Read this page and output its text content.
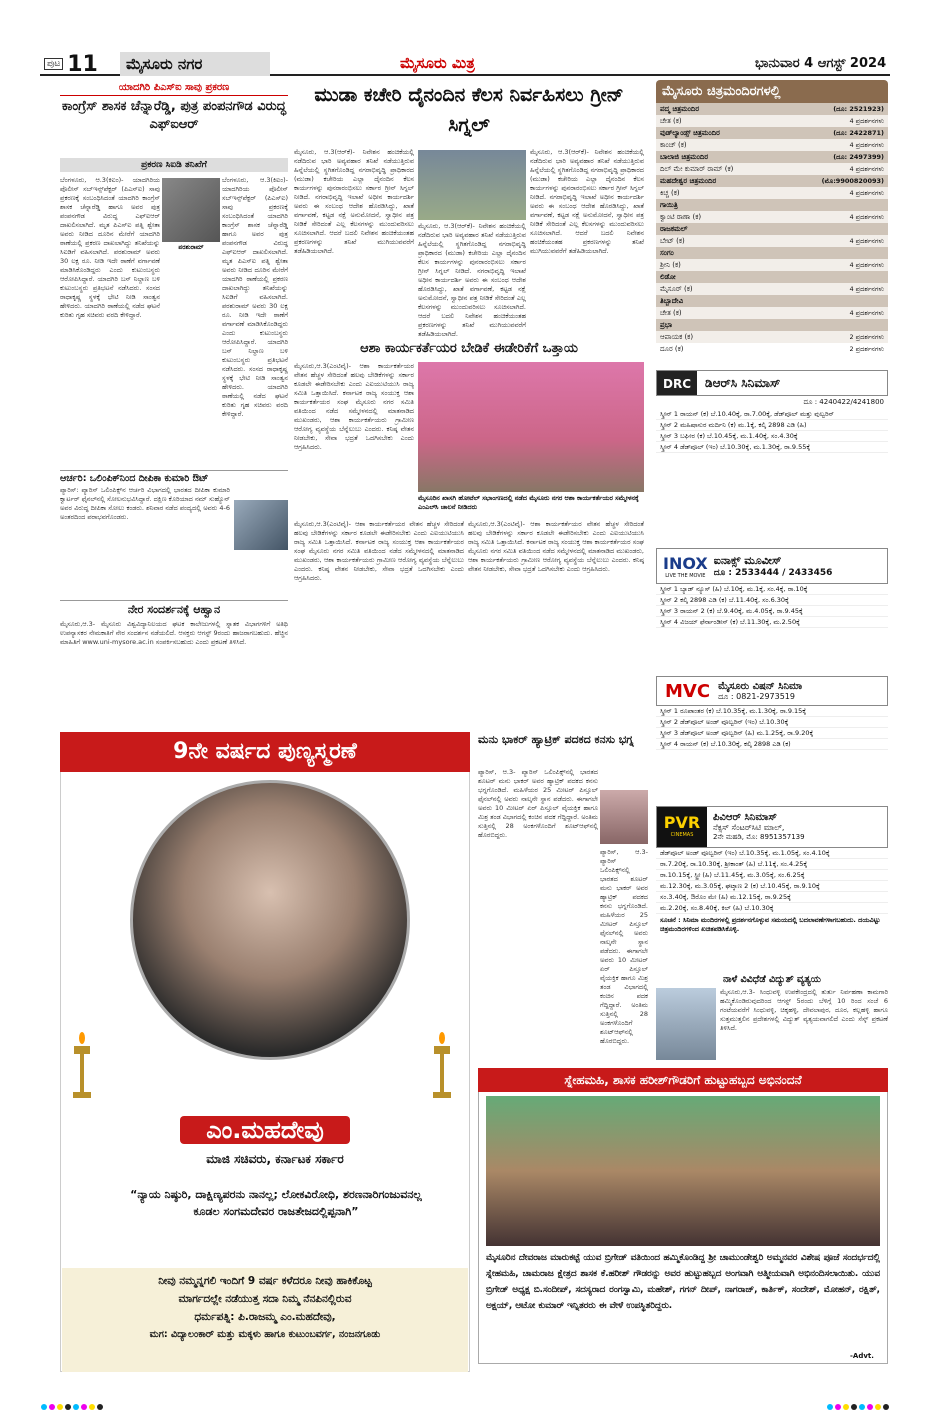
ಪುಟ 11	ಮೈಸೂರು ನಗರ	ಮೈಸೂರು ಮಿತ್ರ	ಭಾನುವಾರ 4 ಆಗಸ್ಟ್ 2024
ಯಾದಗಿರಿ ಪಿಎಸ್‍ಐ ಸಾವು ಪ್ರಕರಣ
ಕಾಂಗ್ರೆಸ್ ಶಾಸಕ ಚೆನ್ನಾರೆಡ್ಡಿ, ಪುತ್ರ ಪಂಪನಗೌಡ ವಿರುದ್ಧ ಎಫ್‍ಐಆರ್
ಪ್ರಕರಣ ಸಿಐಡಿ ತನಿಖೆಗೆ
ಬೆಂಗಳೂರು, ಆ.3(ಕಿಐಂ)- ಯಾದಗಿರಿಯ ಪೊಲೀಸ್ ಸಬ್‍ಇನ್ಸ್‌ಪೆಕ್ಟರ್ (ಪಿಎಸ್‍ಐ) ಸಾವು ಪ್ರಕರಣಕ್ಕೆ ಸಂಬಂಧಿಸಿದಂತೆ ಯಾದಗಿರಿ ಕಾಂಗ್ರೆಸ್ ಶಾಸಕ ಚೆನ್ನಾರೆಡ್ಡಿ ಹಾಗೂ ಅವರ ಪುತ್ರ ಪಂಪನಗೌಡ ವಿರುದ್ಧ ಎಫ್‍ಐಆರ್ ದಾಖಲಿಸಲಾಗಿದೆ. ಮೃತ ಪಿಎಸ್‍ಐ ಪತ್ನಿ ಶ್ವೇತಾ ಅವರು ನೀಡಿದ ದೂರಿನ ಮೇರೆಗೆ ಯಾದಗಿರಿ ಠಾಣೆಯಲ್ಲಿ ಪ್ರಕರಣ ದಾಖಲಾಗಿದ್ದು ತನಿಖೆಯನ್ನು ಸಿಐಡಿಗೆ ವಹಿಸಲಾಗಿದೆ. ಪರಶುರಾಮ್ ಅವರು 30 ಲಕ್ಷ ರೂ. ನೀಡಿ ಇದೇ ಠಾಣೆಗೆ ವರ್ಗಾವಣೆ ಮಾಡಿಸಿಕೊಂಡಿದ್ದರು ಎಂದು ಕುಟುಂಬಸ್ಥರು ಆರೋಪಿಸಿದ್ದಾರೆ. ಯಾದಗಿರಿ ಬಸ್ ನಿಲ್ದಾಣ ಬಳಿ ಕುಟುಂಬಸ್ಥರು ಪ್ರತಿಭಟನೆ ನಡೆಸಿದರು. ಸಂಸದ ರಾಧಾಕೃಷ್ಣ ಸ್ಥಳಕ್ಕೆ ಭೇಟಿ ನೀಡಿ ಸಾಂತ್ವನ ಹೇಳಿದರು. ಯಾದಗಿರಿ ಠಾಣೆಯಲ್ಲಿ ನಡೆದ ಘಟನೆ ಕುರಿತು ಗೃಹ ಸಚಿವರು ವರದಿ ಕೇಳಿದ್ದಾರೆ.
ಪರಶುರಾಮ್
ಬೆಂಗಳೂರು, ಆ.3(ಕಿಐಂ)- ಯಾದಗಿರಿಯ ಪೊಲೀಸ್ ಸಬ್‍ಇನ್ಸ್‌ಪೆಕ್ಟರ್ (ಪಿಎಸ್‍ಐ) ಸಾವು ಪ್ರಕರಣಕ್ಕೆ ಸಂಬಂಧಿಸಿದಂತೆ ಯಾದಗಿರಿ ಕಾಂಗ್ರೆಸ್ ಶಾಸಕ ಚೆನ್ನಾರೆಡ್ಡಿ ಹಾಗೂ ಅವರ ಪುತ್ರ ಪಂಪನಗೌಡ ವಿರುದ್ಧ ಎಫ್‍ಐಆರ್ ದಾಖಲಿಸಲಾಗಿದೆ. ಮೃತ ಪಿಎಸ್‍ಐ ಪತ್ನಿ ಶ್ವೇತಾ ಅವರು ನೀಡಿದ ದೂರಿನ ಮೇರೆಗೆ ಯಾದಗಿರಿ ಠಾಣೆಯಲ್ಲಿ ಪ್ರಕರಣ ದಾಖಲಾಗಿದ್ದು ತನಿಖೆಯನ್ನು ಸಿಐಡಿಗೆ ವಹಿಸಲಾಗಿದೆ. ಪರಶುರಾಮ್ ಅವರು 30 ಲಕ್ಷ ರೂ. ನೀಡಿ ಇದೇ ಠಾಣೆಗೆ ವರ್ಗಾವಣೆ ಮಾಡಿಸಿಕೊಂಡಿದ್ದರು ಎಂದು ಕುಟುಂಬಸ್ಥರು ಆರೋಪಿಸಿದ್ದಾರೆ. ಯಾದಗಿರಿ ಬಸ್ ನಿಲ್ದಾಣ ಬಳಿ ಕುಟುಂಬಸ್ಥರು ಪ್ರತಿಭಟನೆ ನಡೆಸಿದರು. ಸಂಸದ ರಾಧಾಕೃಷ್ಣ ಸ್ಥಳಕ್ಕೆ ಭೇಟಿ ನೀಡಿ ಸಾಂತ್ವನ ಹೇಳಿದರು. ಯಾದಗಿರಿ ಠಾಣೆಯಲ್ಲಿ ನಡೆದ ಘಟನೆ ಕುರಿತು ಗೃಹ ಸಚಿವರು ವರದಿ ಕೇಳಿದ್ದಾರೆ.
ಆರ್ಚರಿ: ಒಲಿಂಪಿಕ್‍ನಿಂದ ದೀಪಿಕಾ ಕುಮಾರಿ ಔಟ್
ಪ್ಯಾರಿಸ್: ಪ್ಯಾರಿಸ್ ಒಲಿಂಪಿಕ್ಸ್‌ನ ಆರ್ಚರಿ ವಿಭಾಗದಲ್ಲಿ ಭಾರತದ ದೀಪಿಕಾ ಕುಮಾರಿ ಕ್ವಾರ್ಟರ್ ಫೈನಲ್‍ನಲ್ಲಿ ಸೋಲನುಭವಿಸಿದ್ದಾರೆ. ದಕ್ಷಿಣ ಕೊರಿಯಾದ ನಮ್ ಸುಹ್ಯೊನ್ ಅವರ ವಿರುದ್ಧ ದೀಪಿಕಾ ಸೋಲು ಕಂಡರು. ಶನಿವಾರ ನಡೆದ ಪಂದ್ಯದಲ್ಲಿ ಅವರು 4-6 ಅಂತರದಿಂದ ಪರಾಭವಗೊಂಡರು.
ನೇರ ಸಂದರ್ಶನಕ್ಕೆ ಆಹ್ವಾನ
ಮೈಸೂರು,ಆ.3- ಮೈಸೂರು ವಿಶ್ವವಿದ್ಯಾನಿಲಯದ ಘಟಕ ಕಾಲೇಜುಗಳಲ್ಲಿ ಸ್ನಾತಕ ವಿಭಾಗಗಳಿಗೆ ಅತಿಥಿ ಉಪನ್ಯಾಸಕರ ನೇಮಕಾತಿಗೆ ನೇರ ಸಂದರ್ಶನ ನಡೆಯಲಿದೆ. ಆಸಕ್ತರು ಆಗಸ್ಟ್ 9ರಂದು ಹಾಜರಾಗಬಹುದು. ಹೆಚ್ಚಿನ ಮಾಹಿತಿಗೆ www.uni-mysore.ac.in ಸಂಪರ್ಕಿಸಬಹುದು ಎಂದು ಪ್ರಕಟಣೆ ತಿಳಿಸಿದೆ.
ಮುಡಾ ಕಚೇರಿ ದೈನಂದಿನ ಕೆಲಸ ನಿರ್ವಹಿಸಲು ಗ್ರೀನ್ ಸಿಗ್ನಲ್
ಮೈಸೂರು, ಆ.3(ಆರ್‌ಕೆ)- ನಿವೇಶನ ಹಂಚಿಕೆಯಲ್ಲಿ ನಡೆದಿರುವ ಭಾರಿ ಅವ್ಯವಹಾರ ತನಿಖೆ ನಡೆಯುತ್ತಿರುವ ಹಿನ್ನೆಲೆಯಲ್ಲಿ ಸ್ಥಗಿತಗೊಂಡಿದ್ದ ನಗರಾಭಿವೃದ್ಧಿ ಪ್ರಾಧಿಕಾರದ (ಮುಡಾ) ಕಚೇರಿಯ ಎಲ್ಲಾ ದೈನಂದಿನ ಕೆಲಸ ಕಾರ್ಯಗಳನ್ನು ಪುನರಾರಂಭಿಸಲು ಸರ್ಕಾರ ಗ್ರೀನ್ ಸಿಗ್ನಲ್ ನೀಡಿದೆ. ನಗರಾಭಿವೃದ್ಧಿ ಇಲಾಖೆ ಅಧೀನ ಕಾರ್ಯದರ್ಶಿ ಅವರು ಈ ಸಂಬಂಧ ಆದೇಶ ಹೊರಡಿಸಿದ್ದು, ಖಾತೆ ವರ್ಗಾವಣೆ, ಕಟ್ಟಡ ನಕ್ಷೆ ಅನುಮೋದನೆ, ಸ್ವಾಧೀನ ಪತ್ರ ನೀಡಿಕೆ ಸೇರಿದಂತೆ ಎಲ್ಲ ಕೆಲಸಗಳನ್ನು ಮುಂದುವರಿಸಲು ಸೂಚಿಸಲಾಗಿದೆ. ಆದರೆ ಬದಲಿ ನಿವೇಶನ ಹಂಚಿಕೆಯಂತಹ ಪ್ರಕರಣಗಳನ್ನು ತನಿಖೆ ಮುಗಿಯುವವರೆಗೆ ತಡೆಹಿಡಿಯಲಾಗಿದೆ.
ಮೈಸೂರು, ಆ.3(ಆರ್‌ಕೆ)- ನಿವೇಶನ ಹಂಚಿಕೆಯಲ್ಲಿ ನಡೆದಿರುವ ಭಾರಿ ಅವ್ಯವಹಾರ ತನಿಖೆ ನಡೆಯುತ್ತಿರುವ ಹಿನ್ನೆಲೆಯಲ್ಲಿ ಸ್ಥಗಿತಗೊಂಡಿದ್ದ ನಗರಾಭಿವೃದ್ಧಿ ಪ್ರಾಧಿಕಾರದ (ಮುಡಾ) ಕಚೇರಿಯ ಎಲ್ಲಾ ದೈನಂದಿನ ಕೆಲಸ ಕಾರ್ಯಗಳನ್ನು ಪುನರಾರಂಭಿಸಲು ಸರ್ಕಾರ ಗ್ರೀನ್ ಸಿಗ್ನಲ್ ನೀಡಿದೆ. ನಗರಾಭಿವೃದ್ಧಿ ಇಲಾಖೆ ಅಧೀನ ಕಾರ್ಯದರ್ಶಿ ಅವರು ಈ ಸಂಬಂಧ ಆದೇಶ ಹೊರಡಿಸಿದ್ದು, ಖಾತೆ ವರ್ಗಾವಣೆ, ಕಟ್ಟಡ ನಕ್ಷೆ ಅನುಮೋದನೆ, ಸ್ವಾಧೀನ ಪತ್ರ ನೀಡಿಕೆ ಸೇರಿದಂತೆ ಎಲ್ಲ ಕೆಲಸಗಳನ್ನು ಮುಂದುವರಿಸಲು ಸೂಚಿಸಲಾಗಿದೆ. ಆದರೆ ಬದಲಿ ನಿವೇಶನ ಹಂಚಿಕೆಯಂತಹ ಪ್ರಕರಣಗಳನ್ನು ತನಿಖೆ ಮುಗಿಯುವವರೆಗೆ ತಡೆಹಿಡಿಯಲಾಗಿದೆ.
ಮೈಸೂರು, ಆ.3(ಆರ್‌ಕೆ)- ನಿವೇಶನ ಹಂಚಿಕೆಯಲ್ಲಿ ನಡೆದಿರುವ ಭಾರಿ ಅವ್ಯವಹಾರ ತನಿಖೆ ನಡೆಯುತ್ತಿರುವ ಹಿನ್ನೆಲೆಯಲ್ಲಿ ಸ್ಥಗಿತಗೊಂಡಿದ್ದ ನಗರಾಭಿವೃದ್ಧಿ ಪ್ರಾಧಿಕಾರದ (ಮುಡಾ) ಕಚೇರಿಯ ಎಲ್ಲಾ ದೈನಂದಿನ ಕೆಲಸ ಕಾರ್ಯಗಳನ್ನು ಪುನರಾರಂಭಿಸಲು ಸರ್ಕಾರ ಗ್ರೀನ್ ಸಿಗ್ನಲ್ ನೀಡಿದೆ. ನಗರಾಭಿವೃದ್ಧಿ ಇಲಾಖೆ ಅಧೀನ ಕಾರ್ಯದರ್ಶಿ ಅವರು ಈ ಸಂಬಂಧ ಆದೇಶ ಹೊರಡಿಸಿದ್ದು, ಖಾತೆ ವರ್ಗಾವಣೆ, ಕಟ್ಟಡ ನಕ್ಷೆ ಅನುಮೋದನೆ, ಸ್ವಾಧೀನ ಪತ್ರ ನೀಡಿಕೆ ಸೇರಿದಂತೆ ಎಲ್ಲ ಕೆಲಸಗಳನ್ನು ಮುಂದುವರಿಸಲು ಸೂಚಿಸಲಾಗಿದೆ. ಆದರೆ ಬದಲಿ ನಿವೇಶನ ಹಂಚಿಕೆಯಂತಹ ಪ್ರಕರಣಗಳನ್ನು ತನಿಖೆ ಮುಗಿಯುವವರೆಗೆ ತಡೆಹಿಡಿಯಲಾಗಿದೆ.
ಆಶಾ ಕಾರ್ಯಕರ್ತೆಯರ ಬೇಡಿಕೆ ಈಡೇರಿಕೆಗೆ ಒತ್ತಾಯ
ಮೈಸೂರು,ಆ.3(ಎಂಟಿವೈ)- ಆಶಾ ಕಾರ್ಯಕರ್ತೆಯರ ವೇತನ ಹೆಚ್ಚಳ ಸೇರಿದಂತೆ ಹಲವು ಬೇಡಿಕೆಗಳನ್ನು ಸರ್ಕಾರ ಕೂಡಲೇ ಈಡೇರಿಸಬೇಕು ಎಂದು ಎಐಯುಟಿಯುಸಿ ರಾಜ್ಯ ಸಮಿತಿ ಒತ್ತಾಯಿಸಿದೆ. ಕರ್ನಾಟಕ ರಾಜ್ಯ ಸಂಯುಕ್ತ ಆಶಾ ಕಾರ್ಯಕರ್ತೆಯರ ಸಂಘ ಮೈಸೂರು ನಗರ ಸಮಿತಿ ವತಿಯಿಂದ ನಡೆದ ಸಮ್ಮೇಳನದಲ್ಲಿ ಮಾತನಾಡಿದ ಮುಖಂಡರು, ಆಶಾ ಕಾರ್ಯಕರ್ತೆಯರು ಗ್ರಾಮೀಣ ಆರೋಗ್ಯ ವ್ಯವಸ್ಥೆಯ ಬೆನ್ನೆಲುಬು ಎಂದರು. ಕನಿಷ್ಠ ವೇತನ ನೀಡಬೇಕು, ಸೇವಾ ಭದ್ರತೆ ಒದಗಿಸಬೇಕು ಎಂದು ಆಗ್ರಹಿಸಿದರು.
ಮೈಸೂರಿನ ಖಾಸಗಿ ಹೋಟೆಲ್ ಸಭಾಂಗಣದಲ್ಲಿ ನಡೆದ ಮೈಸೂರು ನಗರ ಆಶಾ ಕಾರ್ಯಕರ್ತೆಯರ ಸಮ್ಮೇಳನಕ್ಕೆ ಎಂಎಲ್‍ಸಿ ಚಾಲನೆ ನೀಡಿದರು
ಮೈಸೂರು,ಆ.3(ಎಂಟಿವೈ)- ಆಶಾ ಕಾರ್ಯಕರ್ತೆಯರ ವೇತನ ಹೆಚ್ಚಳ ಸೇರಿದಂತೆ ಹಲವು ಬೇಡಿಕೆಗಳನ್ನು ಸರ್ಕಾರ ಕೂಡಲೇ ಈಡೇರಿಸಬೇಕು ಎಂದು ಎಐಯುಟಿಯುಸಿ ರಾಜ್ಯ ಸಮಿತಿ ಒತ್ತಾಯಿಸಿದೆ. ಕರ್ನಾಟಕ ರಾಜ್ಯ ಸಂಯುಕ್ತ ಆಶಾ ಕಾರ್ಯಕರ್ತೆಯರ ಸಂಘ ಮೈಸೂರು ನಗರ ಸಮಿತಿ ವತಿಯಿಂದ ನಡೆದ ಸಮ್ಮೇಳನದಲ್ಲಿ ಮಾತನಾಡಿದ ಮುಖಂಡರು, ಆಶಾ ಕಾರ್ಯಕರ್ತೆಯರು ಗ್ರಾಮೀಣ ಆರೋಗ್ಯ ವ್ಯವಸ್ಥೆಯ ಬೆನ್ನೆಲುಬು ಎಂದರು. ಕನಿಷ್ಠ ವೇತನ ನೀಡಬೇಕು, ಸೇವಾ ಭದ್ರತೆ ಒದಗಿಸಬೇಕು ಎಂದು ಆಗ್ರಹಿಸಿದರು.
ಮೈಸೂರು,ಆ.3(ಎಂಟಿವೈ)- ಆಶಾ ಕಾರ್ಯಕರ್ತೆಯರ ವೇತನ ಹೆಚ್ಚಳ ಸೇರಿದಂತೆ ಹಲವು ಬೇಡಿಕೆಗಳನ್ನು ಸರ್ಕಾರ ಕೂಡಲೇ ಈಡೇರಿಸಬೇಕು ಎಂದು ಎಐಯುಟಿಯುಸಿ ರಾಜ್ಯ ಸಮಿತಿ ಒತ್ತಾಯಿಸಿದೆ. ಕರ್ನಾಟಕ ರಾಜ್ಯ ಸಂಯುಕ್ತ ಆಶಾ ಕಾರ್ಯಕರ್ತೆಯರ ಸಂಘ ಮೈಸೂರು ನಗರ ಸಮಿತಿ ವತಿಯಿಂದ ನಡೆದ ಸಮ್ಮೇಳನದಲ್ಲಿ ಮಾತನಾಡಿದ ಮುಖಂಡರು, ಆಶಾ ಕಾರ್ಯಕರ್ತೆಯರು ಗ್ರಾಮೀಣ ಆರೋಗ್ಯ ವ್ಯವಸ್ಥೆಯ ಬೆನ್ನೆಲುಬು ಎಂದರು. ಕನಿಷ್ಠ ವೇತನ ನೀಡಬೇಕು, ಸೇವಾ ಭದ್ರತೆ ಒದಗಿಸಬೇಕು ಎಂದು ಆಗ್ರಹಿಸಿದರು.
ಮನು ಭಾಕರ್ ಹ್ಯಾಟ್ರಿಕ್ ಪದಕದ ಕನಸು ಭಗ್ನ
ಪ್ಯಾರಿಸ್, ಆ.3- ಪ್ಯಾರಿಸ್ ಒಲಿಂಪಿಕ್ಸ್‌ನಲ್ಲಿ ಭಾರತದ ಶೂಟರ್ ಮನು ಭಾಕರ್ ಅವರ ಹ್ಯಾಟ್ರಿಕ್ ಪದಕದ ಕನಸು ಭಗ್ನಗೊಂಡಿದೆ. ಮಹಿಳೆಯರ 25 ಮೀಟರ್ ಪಿಸ್ತೂಲ್ ಫೈನಲ್‍ನಲ್ಲಿ ಅವರು ನಾಲ್ಕನೇ ಸ್ಥಾನ ಪಡೆದರು. ಈಗಾಗಲೇ ಅವರು 10 ಮೀಟರ್ ಏರ್ ಪಿಸ್ತೂಲ್ ವೈಯಕ್ತಿಕ ಹಾಗೂ ಮಿಶ್ರ ತಂಡ ವಿಭಾಗದಲ್ಲಿ ಕಂಚಿನ ಪದಕ ಗೆದ್ದಿದ್ದಾರೆ. ಅಂತಿಮ ಸುತ್ತಿನಲ್ಲಿ 28 ಅಂಕಗಳೊಂದಿಗೆ ಶೂಟ್‍ಆಫ್‍ನಲ್ಲಿ ಹೊರಬಿದ್ದರು.
ಪ್ಯಾರಿಸ್, ಆ.3- ಪ್ಯಾರಿಸ್ ಒಲಿಂಪಿಕ್ಸ್‌ನಲ್ಲಿ ಭಾರತದ ಶೂಟರ್ ಮನು ಭಾಕರ್ ಅವರ ಹ್ಯಾಟ್ರಿಕ್ ಪದಕದ ಕನಸು ಭಗ್ನಗೊಂಡಿದೆ. ಮಹಿಳೆಯರ 25 ಮೀಟರ್ ಪಿಸ್ತೂಲ್ ಫೈನಲ್‍ನಲ್ಲಿ ಅವರು ನಾಲ್ಕನೇ ಸ್ಥಾನ ಪಡೆದರು. ಈಗಾಗಲೇ ಅವರು 10 ಮೀಟರ್ ಏರ್ ಪಿಸ್ತೂಲ್ ವೈಯಕ್ತಿಕ ಹಾಗೂ ಮಿಶ್ರ ತಂಡ ವಿಭಾಗದಲ್ಲಿ ಕಂಚಿನ ಪದಕ ಗೆದ್ದಿದ್ದಾರೆ. ಅಂತಿಮ ಸುತ್ತಿನಲ್ಲಿ 28 ಅಂಕಗಳೊಂದಿಗೆ ಶೂಟ್‍ಆಫ್‍ನಲ್ಲಿ ಹೊರಬಿದ್ದರು.
ಮೈಸೂರು ಚಿತ್ರಮಂದಿರಗಳಲ್ಲಿ
ಪದ್ಮ ಚಿತ್ರಮಂದಿರ	(ದೂ: 2521923)
ಚೇತ (ಕ)	4 ಪ್ರದರ್ಶನಗಳು
ವುಡ್‍ಲ್ಯಾಂಡ್ಸ್ ಚಿತ್ರಮಂದಿರ	(ದೂ: 2422871)
ಕಾಂಚ್ (ಕ)	4 ಪ್ರದರ್ಶನಗಳು
ಬಾಲಾಜಿ ಚಿತ್ರಮಂದಿರ	(ದೂ: 2497399)
ದಿಲ್ ಮೇ ಕುಮಾರ್ ರಾಮ್ (ಕ)	4 ಪ್ರದರ್ಶನಗಳು
ಮಹದೇಶ್ವರ ಚಿತ್ರಮಂದಿರ	(ಮೊ:9900820093)
ಕಿಚ್ಚ (ಕ)	4 ಪ್ರದರ್ಶನಗಳು
ಗಾಯಿತ್ರಿ
ಕ್ವಾಂಟಿ ರಾಣಾ (ಕ)	4 ಪ್ರದರ್ಶನಗಳು
ರಾಜಕಮಲ್
ಬೇಟ್ (ಕ)	4 ಪ್ರದರ್ಶನಗಳು
ಸಂಗಂ
ಶ್ರೀನಿ (ಕ)	4 ಪ್ರದರ್ಶನಗಳು
ಲಿಡೋ
ಮೈಸೂರ್ (ಕ)	4 ಪ್ರದರ್ಶನಗಳು
ತಿಬ್ಬಾದೇವಿ
ಚೇತ (ಕ)	4 ಪ್ರದರ್ಶನಗಳು
ಪ್ರಭಾ
ಆಪಾಯಕ (ಕ)	2 ಪ್ರದರ್ಶನಗಳು
ದೂರ (ಕ)	2 ಪ್ರದರ್ಶನಗಳು
DRC	ಡಿಆರ್‌ಸಿ ಸಿನಿಮಾಸ್
ದೂ : 4240422/4241800
ಸ್ಕ್ರೀನ್ 1 ರಾಯನ್ (ಕ) ಬೆ.10.40ಕ್ಕೆ, ರಾ.7.00ಕ್ಕೆ, ಡೆಡ್‍ಪೂಲ್ ಮತ್ತು ವುಲ್ವರಿನ್
ಸ್ಕ್ರೀನ್ 2 ಮಹಿಷಾಸುರ ಮರ್ದಿನಿ (ಕ) ಮ.1ಕ್ಕೆ, ಕಲ್ಕಿ 2898 ಎಡಿ (ಹಿ)
ಸ್ಕ್ರೀನ್ 3 ಬಘೀರ (ಕ) ಬೆ.10.45ಕ್ಕೆ, ಮ.1.40ಕ್ಕೆ, ಸಂ.4.30ಕ್ಕೆ
ಸ್ಕ್ರೀನ್ 4 ಡೆಡ್‍ಪೂಲ್ (ಇಂ) ಬೆ.10.30ಕ್ಕೆ, ಮ.1.30ಕ್ಕೆ, ರಾ.9.55ಕ್ಕೆ
INOX
LIVE THE MOVIE
ಐನಾಕ್ಸ್ ಮೂವೀಸ್
ದೂ : 2533444 / 2433456
ಸ್ಕ್ರೀನ್ 1 ಬ್ಯಾಡ್ ನ್ಯೂಸ್ (ಹಿ) ಬೆ.10ಕ್ಕೆ, ಮ.1ಕ್ಕೆ, ಸಂ.4ಕ್ಕೆ, ರಾ.10ಕ್ಕೆ
ಸ್ಕ್ರೀನ್ 2 ಕಲ್ಕಿ 2898 ಎಡಿ (ಕ) ಬೆ.11.40ಕ್ಕೆ, ಸಂ.6.30ಕ್ಕೆ
ಸ್ಕ್ರೀನ್ 3 ರಾಯನ್ 2 (ಕ) ಬೆ.9.40ಕ್ಕೆ, ಮ.4.05ಕ್ಕೆ, ರಾ.9.45ಕ್ಕೆ
ಸ್ಕ್ರೀನ್ 4 ವಿಜಯ್ ಫೆರ್ನಾಂಡೀಸ್ (ಕ) ಬೆ.11.30ಕ್ಕೆ, ಮ.2.50ಕ್ಕೆ
MVC ಮೈಸೂರು ವಿಷನ್ ಸಿನಿಮಾ
ದೂ : 0821-2973519
ಸ್ಕ್ರೀನ್ 1 ರೂಪಾಂತರ (ಕ) ಬೆ.10.35ಕ್ಕೆ, ಮ.1.30ಕ್ಕೆ, ರಾ.9.15ಕ್ಕೆ
ಸ್ಕ್ರೀನ್ 2 ಡೆಡ್‍ಪೂಲ್ ಅಂಡ್ ವೂಲ್ವರಿನ್ (ಇಂ) ಬೆ.10.30ಕ್ಕೆ
ಸ್ಕ್ರೀನ್ 3 ಡೆಡ್‍ಪೂಲ್ ಅಂಡ್ ವೂಲ್ವರಿನ್ (ಹಿ) ಮ.1.25ಕ್ಕೆ, ರಾ.9.20ಕ್ಕೆ
ಸ್ಕ್ರೀನ್ 4 ರಾಯನ್ (ಕ) ಬೆ.10.30ಕ್ಕೆ, ಕಲ್ಕಿ 2898 ಎಡಿ (ಕ)
PVR
CINEMAS
ಪಿವಿಆರ್ ಸಿನಿಮಾಸ್
ನೆಕ್ಸಸ್ ಸೆಂಟರ್‌ಸಿಟಿ ಮಾಲ್,
2ನೇ ಮಹಡಿ, ಮೊ: 8951357139
ಡೆಡ್‍ಪೂಲ್ ಅಂಡ್ ವೂಲ್ವರಿನ್ (ಇಂ) ಬೆ.10.35ಕ್ಕೆ, ಮ.1.05ಕ್ಕೆ, ಸಂ.4.10ಕ್ಕೆ
ರಾ.7.20ಕ್ಕೆ, ರಾ.10.30ಕ್ಕೆ, ಶ್ರೀಕಾಂತ್ (ಹಿ) ಬೆ.11ಕ್ಕೆ, ಸಂ.4.25ಕ್ಕೆ
ರಾ.10.15ಕ್ಕೆ, ಸ್ಟ್ರೀ (ಹಿ) ಬೆ.11.45ಕ್ಕೆ, ಮ.3.05ಕ್ಕೆ, ಸಂ.6.25ಕ್ಕೆ
ಮ.12.30ಕ್ಕೆ, ಮ.3.05ಕ್ಕೆ, ಘಟ್ಕಾಣ 2 (ಕ) ಬೆ.10.45ಕ್ಕೆ, ರಾ.9.10ಕ್ಕೆ
ಸಂ.3.40ಕ್ಕೆ, ಔರೊಂ ಮೇ (ಹಿ) ಮ.12.15ಕ್ಕೆ, ರಾ.9.25ಕ್ಕೆ
ಮ.2.20ಕ್ಕೆ, ಸಂ.8.40ಕ್ಕೆ, ಕಿಲ್ (ಹಿ) ಬೆ.10.30ಕ್ಕೆ
ಸೂಚನೆ : ಸಿನಿಮಾ ಮಂದಿರಗಳಲ್ಲಿ ಪ್ರದರ್ಶನಗೊಳ್ಳುವ ಸಮಯದಲ್ಲಿ ಬದಲಾವಣೆಗಳಾಗಬಹುದು. ದಯವಿಟ್ಟು ಚಿತ್ರಮಂದಿರಗಳಿಂದ ಖಚಿತಪಡಿಸಿಕೊಳ್ಳಿ.
ನಾಳೆ ವಿವಿಧೆಡೆ ವಿದ್ಯುತ್ ವ್ಯತ್ಯಯ
ಮೈಸೂರು,ಆ.3- ಸಿಂಧುವಳ್ಳಿ ಉಪಕೇಂದ್ರದಲ್ಲಿ ತುರ್ತು ನಿರ್ವಹಣಾ ಕಾಮಗಾರಿ ಹಮ್ಮಿಕೊಂಡಿರುವುದರಿಂದ ಆಗಸ್ಟ್ 5ರಂದು ಬೆಳಿಗ್ಗೆ 10 ರಿಂದ ಸಂಜೆ 6 ಗಂಟೆಯವರೆಗೆ ಸಿಂಧುವಳ್ಳಿ, ಚಿಕ್ಕಹಳ್ಳಿ, ದೇವಲಾಪುರ, ದೂರ, ಕಲ್ಲಹಳ್ಳಿ ಹಾಗೂ ಸುತ್ತಮುತ್ತಲಿನ ಪ್ರದೇಶಗಳಲ್ಲಿ ವಿದ್ಯುತ್ ವ್ಯತ್ಯಯವಾಗಲಿದೆ ಎಂದು ಸೆಸ್ಕ್ ಪ್ರಕಟಣೆ ತಿಳಿಸಿದೆ.
9ನೇ ವರ್ಷದ ಪುಣ್ಯಸ್ಮರಣೆ
ಎಂ.ಮಹದೇವು
ಮಾಜಿ ಸಚಿವರು, ಕರ್ನಾಟಕ ಸರ್ಕಾರ
“ನ್ಯಾಯ ನಿಷ್ಠುರಿ, ದಾಕ್ಷಿಣ್ಯಪರನು ನಾನಲ್ಲ; ಲೋಕವಿರೋಧಿ, ಶರಣನಾರಿಗಂಜುವನಲ್ಲ ಕೂಡಲ ಸಂಗಮದೇವರ ರಾಜತೇಜದಲ್ಲಿಪ್ಪನಾಗಿ”
ನೀವು ನಮ್ಮನ್ನಗಲಿ ಇಂದಿಗೆ 9 ವರ್ಷ ಕಳೆದರೂ ನೀವು ಹಾಕಿಕೊಟ್ಟ
ಮಾರ್ಗದಲ್ಲೇ ನಡೆಯುತ್ತ ಸದಾ ನಿಮ್ಮ ನೆನಪಿನಲ್ಲಿರುವ
ಧರ್ಮಪತ್ನಿ: ಪಿ.ರಾಜಮ್ಮ ಎಂ.ಮಹದೇವು,
ಮಗ: ವಿದ್ಯಾಲಂಕಾರ್ ಮತ್ತು ಮಕ್ಕಳು ಹಾಗೂ ಕುಟುಂಬವರ್ಗ, ನಂಜನಗೂಡು
ಸ್ನೇಹಮಹಿ, ಶಾಸಕ ಹರೀಶ್‌ಗೌಡರಿಗೆ ಹುಟ್ಟುಹಬ್ಬದ ಅಭಿನಂದನೆ
ಮೈಸೂರಿನ ದೇವರಾಜ ಮಾರುಕಟ್ಟೆ ಯುವ ಬ್ರಿಗೇಡ್ ವತಿಯಿಂದ ಹಮ್ಮಿಕೊಂಡಿದ್ದ ಶ್ರೀ ಚಾಮುಂಡೇಶ್ವರಿ ಅಮ್ಮನವರ ವಿಶೇಷ ಪೂಜೆ ಸಂದರ್ಭದಲ್ಲಿ ಸ್ನೇಹಮಹಿ, ಚಾಮರಾಜ ಕ್ಷೇತ್ರದ ಶಾಸಕ ಕೆ.ಹರೀಶ್ ಗೌಡರನ್ನು ಅವರ ಹುಟ್ಟುಹಬ್ಬದ ಅಂಗವಾಗಿ ಆತ್ಮೀಯವಾಗಿ ಅಭಿನಂದಿಸಲಾಯಿತು. ಯುವ ಬ್ರಿಗೇಡ್ ಅಧ್ಯಕ್ಷ ಬಿ.ಸಂದೀಪ್, ಸದಸ್ಯರಾದ ರಂಗಸ್ವಾಮಿ, ಮಹೇಶ್, ಗಗನ್ ದೀಪ್, ನಾಗರಾಜ್, ಕಾರ್ತಿಕ್, ಸಂದೇಶ್, ಮೋಹನ್, ರಕ್ಷಿತ್, ಅಕ್ಷಯ್, ಆಟೋ ಕುಮಾರ್ ಇನ್ನಿತರರು ಈ ವೇಳೆ ಉಪಸ್ಥಿತರಿದ್ದರು.
-Advt.
